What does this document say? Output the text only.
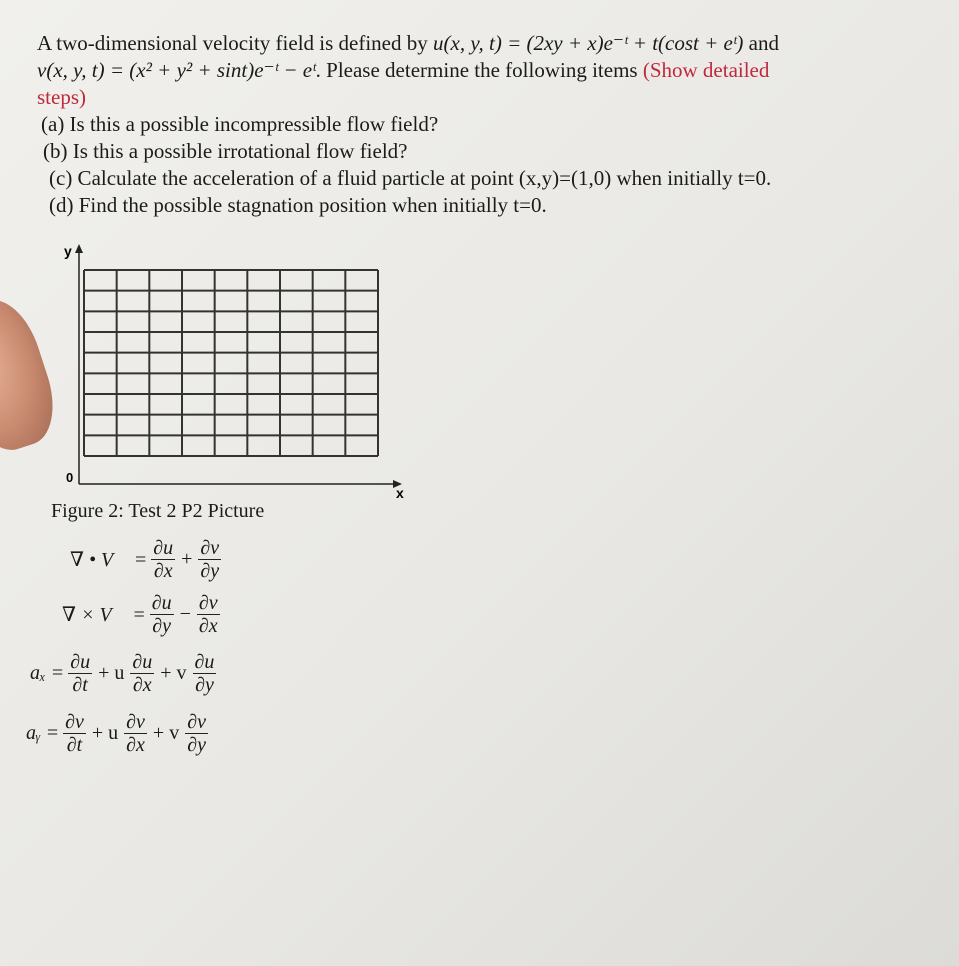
A two-dimensional velocity field is defined by u(x, y, t) = (2xy + x)e⁻ᵗ + t(cost + eᵗ) and
v(x, y, t) = (x² + y² + sint)e⁻ᵗ − eᵗ. Please determine the following items (Show detailed
steps)
(a) Is this a possible incompressible flow field?
(b) Is this a possible irrotational flow field?
(c) Calculate the acceleration of a fluid particle at point (x,y)=(1,0) when initially t=0.
(d) Find the possible stagnation position when initially t=0.
y
x
0
Figure 2: Test 2 P2 Picture
∇ • V⃗ = $\frac{\partial u}{\partial x} + \frac{\partial v}{\partial y}$
∇ × V⃗ = $\frac{\partial u}{\partial y} - \frac{\partial v}{\partial x}$
$a_x = \frac{\partial u}{\partial t} + u \frac{\partial u}{\partial x} + v \frac{\partial u}{\partial y}$
aᵧ = $\frac{\partial v}{\partial t} + u \frac{\partial v}{\partial x} + v \frac{\partial v}{\partial y}$
